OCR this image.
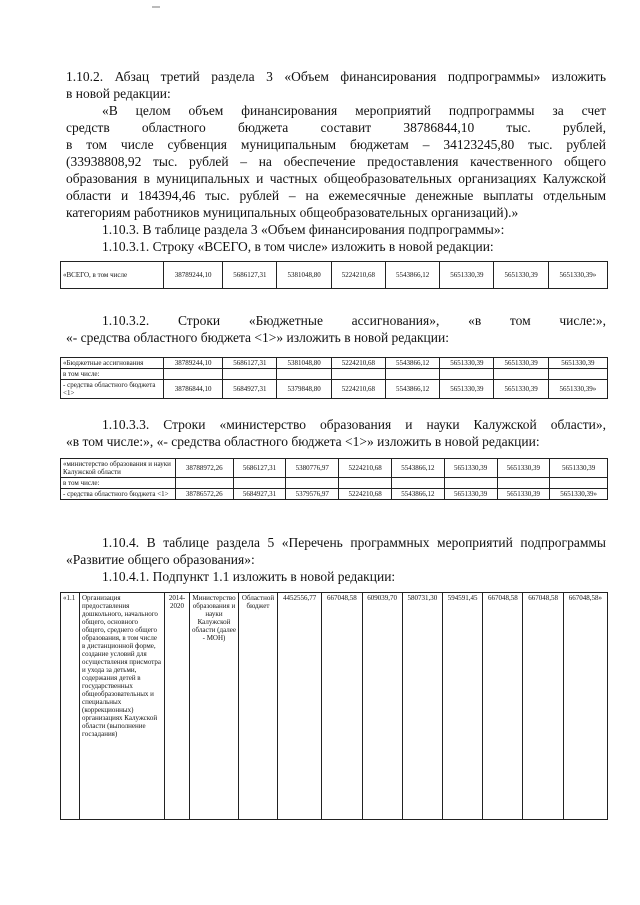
1.10.2. Абзац третий раздела 3 «Объем финансирования подпрограммы» изложить
в новой редакции:
«В целом объем финансирования мероприятий подпрограммы за счет
средств областного бюджета составит 38786844,10 тыс. рублей,
в том числе субвенция муниципальным бюджетам – 34123245,80 тыс. рублей
(33938808,92 тыс. рублей – на обеспечение предоставления качественного общего
образования в муниципальных и частных общеобразовательных организациях Калужской
области и 184394,46 тыс. рублей – на ежемесячные денежные выплаты отдельным
категориям работников муниципальных общеобразовательных организаций).»
1.10.3. В таблице раздела 3 «Объем финансирования подпрограммы»:
1.10.3.1. Строку «ВСЕГО, в том числе» изложить в новой редакции:
«ВСЕГО, в том числе	38789244,10	5686127,31	5381048,80	5224210,68	5543866,12	5651330,39	5651330,39	5651330,39»
1.10.3.2. Строки «Бюджетные ассигнования», «в том числе:»,
«- средства областного бюджета <1>» изложить в новой редакции:
«Бюджетные ассигнования	38789244,10	5686127,31	5381048,80	5224210,68	5543866,12	5651330,39	5651330,39	5651330,39
в том числе:								
- средства областного бюджета <1>	38786844,10	5684927,31	5379848,80	5224210,68	5543866,12	5651330,39	5651330,39	5651330,39»
1.10.3.3. Строки «министерство образования и науки Калужской области»,
«в том числе:», «- средства областного бюджета <1>» изложить в новой редакции:
«министерство образования и науки Калужской области	38788972,26	5686127,31	5380776,97	5224210,68	5543866,12	5651330,39	5651330,39	5651330,39
в том числе:								
- средства областного бюджета <1>	38786572,26	5684927,31	5379576,97	5224210,68	5543866,12	5651330,39	5651330,39	5651330,39»
1.10.4. В таблице раздела 5 «Перечень программных мероприятий подпрограммы
«Развитие общего образования»:
1.10.4.1. Подпункт 1.1 изложить в новой редакции:
«1.1	Организация предоставления дошкольного, начального общего, основного общего, среднего общего образования, в том числе в дистанционной форме, создание условий для осуществления присмотра и ухода за детьми, содержания детей в государственных общеобразовательных и специальных (коррекционных) организациях Калужской области (выполнение госзадания)	2014-2020	Министерство образования и науки Калужской области (далее - МОН)	Областной бюджет	4452556,77	667048,58	609039,70	580731,30	594591,45	667048,58	667048,58	667048,58»
